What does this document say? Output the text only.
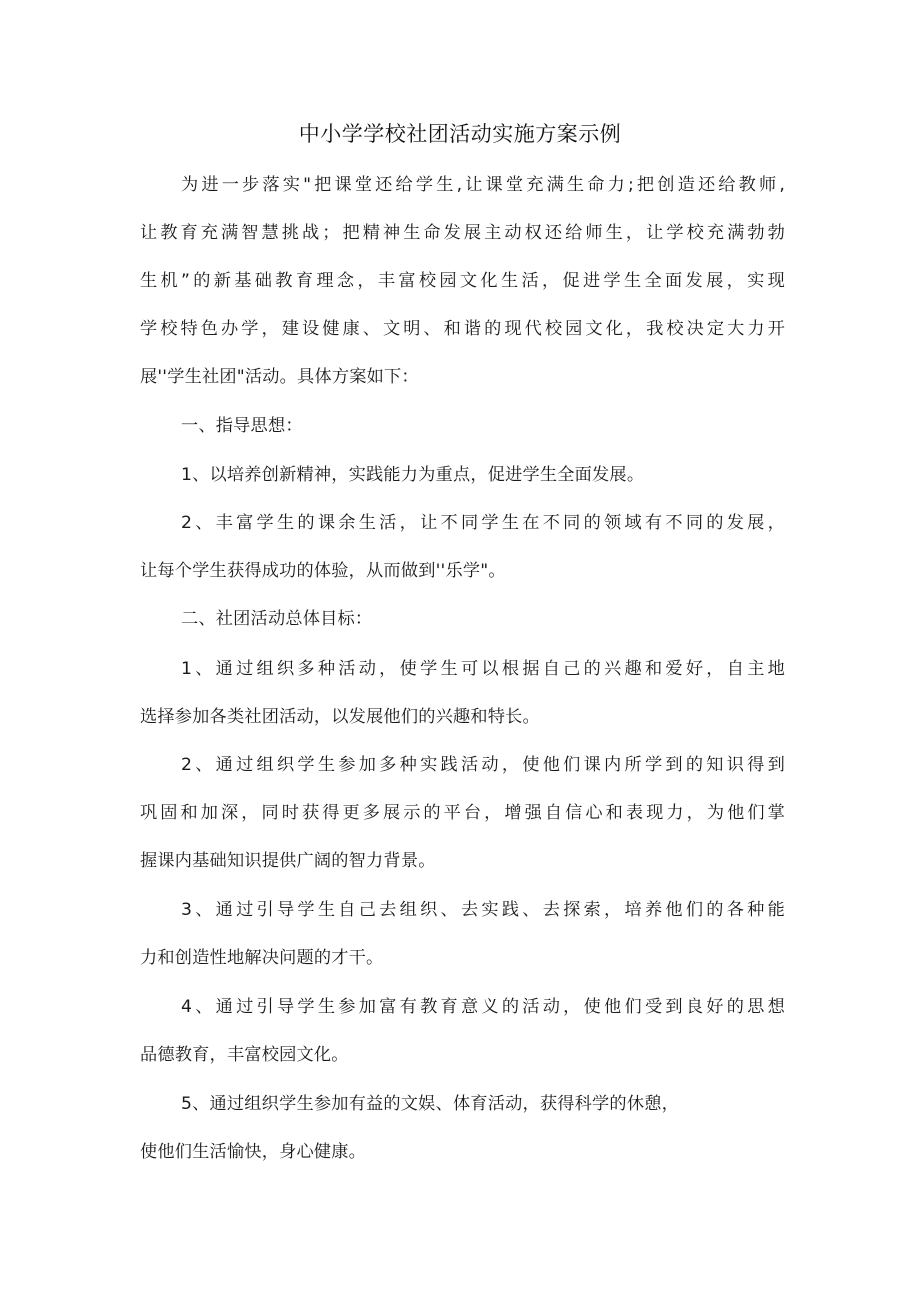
中小学学校社团活动实施方案示例
为进一步落实"把课堂还给学生,让课堂充满生命力;把创造还给教师,
让教育充满智慧挑战；把精神生命发展主动权还给师生，让学校充满勃勃
生机”的新基础教育理念，丰富校园文化生活，促进学生全面发展，实现
学校特色办学，建设健康、文明、和谐的现代校园文化，我校决定大力开
展''学生社团"活动。具体方案如下：
一、指导思想：
1、以培养创新精神，实践能力为重点，促进学生全面发展。
2、丰富学生的课余生活，让不同学生在不同的领域有不同的发展，
让每个学生获得成功的体验，从而做到''乐学"。
二、社团活动总体目标：
1、通过组织多种活动，使学生可以根据自己的兴趣和爱好，自主地
选择参加各类社团活动，以发展他们的兴趣和特长。
2、通过组织学生参加多种实践活动，使他们课内所学到的知识得到
巩固和加深，同时获得更多展示的平台，增强自信心和表现力，为他们掌
握课内基础知识提供广阔的智力背景。
3、通过引导学生自己去组织、去实践、去探索，培养他们的各种能
力和创造性地解决问题的才干。
4、通过引导学生参加富有教育意义的活动，使他们受到良好的思想
品德教育，丰富校园文化。
5、通过组织学生参加有益的文娱、体育活动，获得科学的休憩，
使他们生活愉快，身心健康。
